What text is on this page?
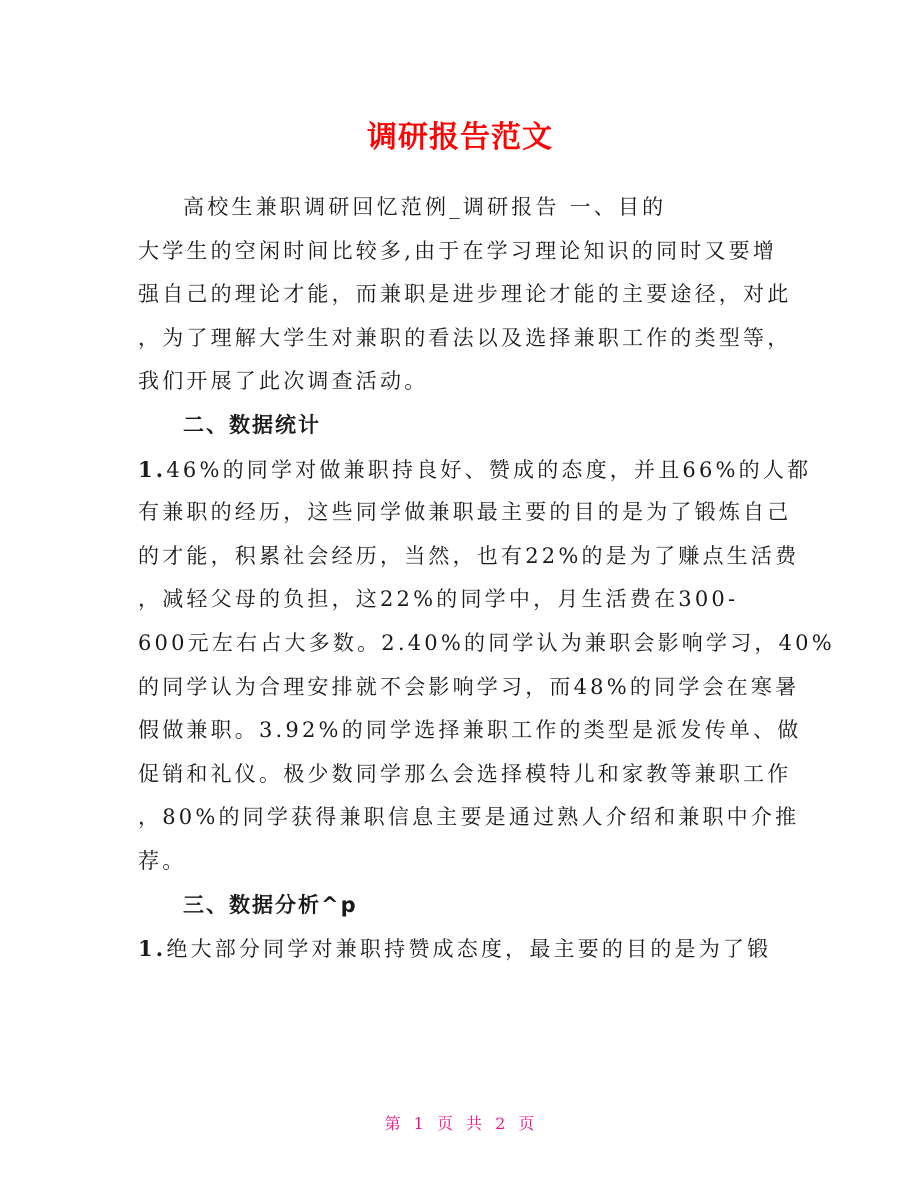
调研报告范文
高校生兼职调研回忆范例_调研报告 一、目的
大学生的空闲时间比较多,由于在学习理论知识的同时又要增
强自己的理论才能，而兼职是进步理论才能的主要途径，对此
，为了理解大学生对兼职的看法以及选择兼职工作的类型等，
我们开展了此次调查活动。
二、数据统计
1.46%的同学对做兼职持良好、赞成的态度，并且66%的人都
有兼职的经历，这些同学做兼职最主要的目的是为了锻炼自己
的才能，积累社会经历，当然，也有22%的是为了赚点生活费
，减轻父母的负担，这22%的同学中，月生活费在300-
600元左右占大多数。2.40%的同学认为兼职会影响学习，40%
的同学认为合理安排就不会影响学习，而48%的同学会在寒暑
假做兼职。3.92%的同学选择兼职工作的类型是派发传单、做
促销和礼仪。极少数同学那么会选择模特儿和家教等兼职工作
，80%的同学获得兼职信息主要是通过熟人介绍和兼职中介推
荐。
三、数据分析^p
1.绝大部分同学对兼职持赞成态度，最主要的目的是为了锻
第 1 页 共 2 页
